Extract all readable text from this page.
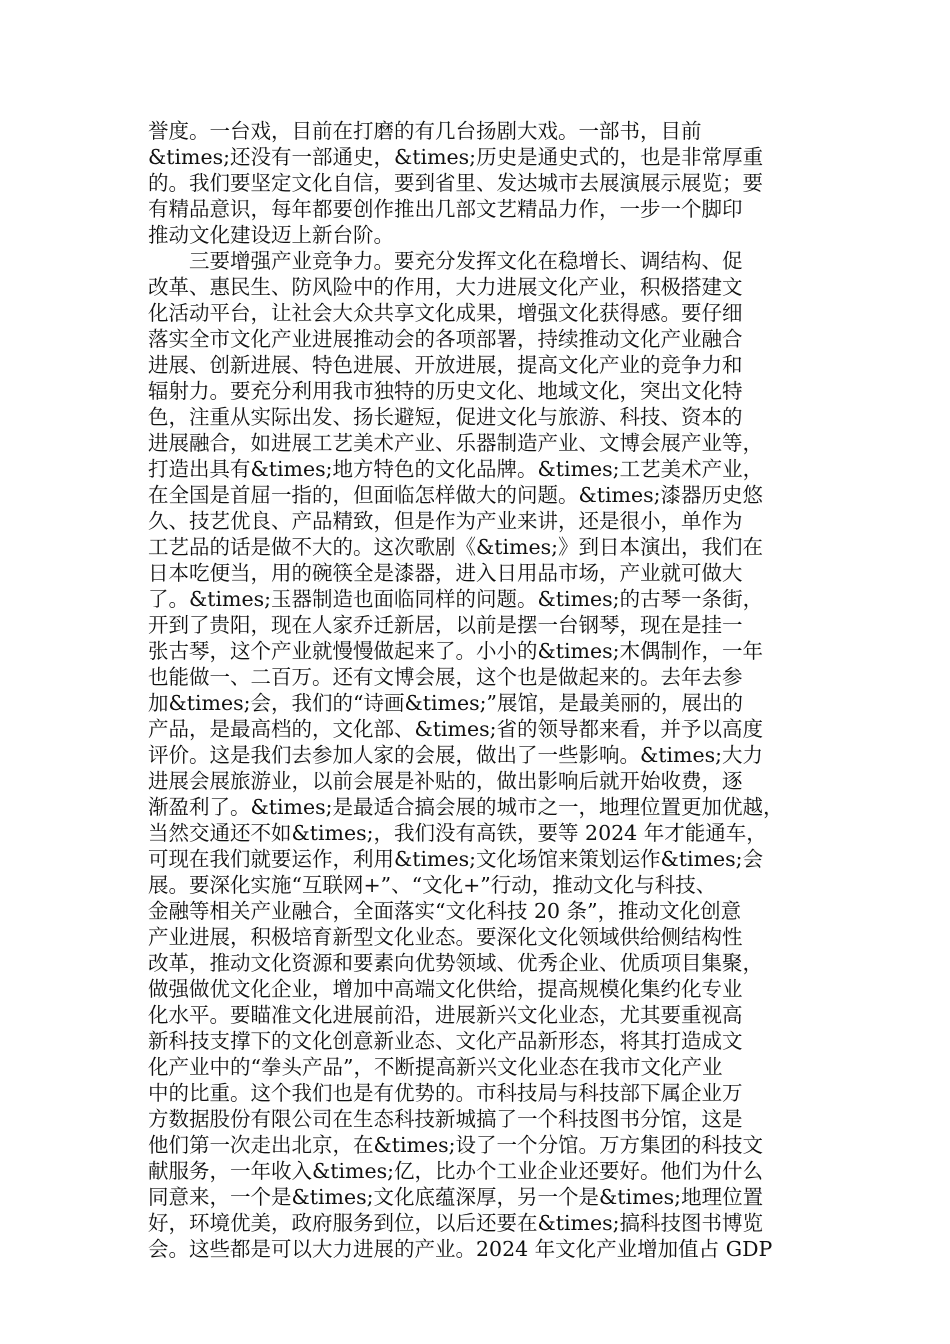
誉度。一台戏，目前在打磨的有几台扬剧大戏。一部书，目前
&times;还没有一部通史，&times;历史是通史式的，也是非常厚重
的。我们要坚定文化自信，要到省里、发达城市去展演展示展览；要
有精品意识，每年都要创作推出几部文艺精品力作，一步一个脚印
推动文化建设迈上新台阶。
　　三要增强产业竞争力。要充分发挥文化在稳增长、调结构、促
改革、惠民生、防风险中的作用，大力进展文化产业，积极搭建文
化活动平台，让社会大众共享文化成果，增强文化获得感。要仔细
落实全市文化产业进展推动会的各项部署，持续推动文化产业融合
进展、创新进展、特色进展、开放进展，提高文化产业的竞争力和
辐射力。要充分利用我市独特的历史文化、地域文化，突出文化特
色，注重从实际出发、扬长避短，促进文化与旅游、科技、资本的
进展融合，如进展工艺美术产业、乐器制造产业、文博会展产业等，
打造出具有&times;地方特色的文化品牌。&times;工艺美术产业，
在全国是首屈一指的，但面临怎样做大的问题。&times;漆器历史悠
久、技艺优良、产品精致，但是作为产业来讲，还是很小，单作为
工艺品的话是做不大的。这次歌剧《&times;》到日本演出，我们在
日本吃便当，用的碗筷全是漆器，进入日用品市场，产业就可做大
了。&times;玉器制造也面临同样的问题。&times;的古琴一条街，
开到了贵阳，现在人家乔迁新居，以前是摆一台钢琴，现在是挂一
张古琴，这个产业就慢慢做起来了。小小的&times;木偶制作，一年
也能做一、二百万。还有文博会展，这个也是做起来的。去年去参
加&times;会，我们的“诗画&times;”展馆，是最美丽的，展出的
产品，是最高档的，文化部、&times;省的领导都来看，并予以高度
评价。这是我们去参加人家的会展，做出了一些影响。&times;大力
进展会展旅游业，以前会展是补贴的，做出影响后就开始收费，逐
渐盈利了。&times;是最适合搞会展的城市之一，地理位置更加优越，
当然交通还不如&times;，我们没有高铁，要等 2024 年才能通车，
可现在我们就要运作，利用&times;文化场馆来策划运作&times;会
展。要深化实施“互联网+”、“文化+”行动，推动文化与科技、
金融等相关产业融合，全面落实“文化科技 20 条”，推动文化创意
产业进展，积极培育新型文化业态。要深化文化领域供给侧结构性
改革，推动文化资源和要素向优势领域、优秀企业、优质项目集聚，
做强做优文化企业，增加中高端文化供给，提高规模化集约化专业
化水平。要瞄准文化进展前沿，进展新兴文化业态，尤其要重视高
新科技支撑下的文化创意新业态、文化产品新形态，将其打造成文
化产业中的“拳头产品”，不断提高新兴文化业态在我市文化产业
中的比重。这个我们也是有优势的。市科技局与科技部下属企业万
方数据股份有限公司在生态科技新城搞了一个科技图书分馆，这是
他们第一次走出北京，在&times;设了一个分馆。万方集团的科技文
献服务，一年收入&times;亿，比办个工业企业还要好。他们为什么
同意来，一个是&times;文化底蕴深厚，另一个是&times;地理位置
好，环境优美，政府服务到位，以后还要在&times;搞科技图书博览
会。这些都是可以大力进展的产业。2024 年文化产业增加值占 GDP
